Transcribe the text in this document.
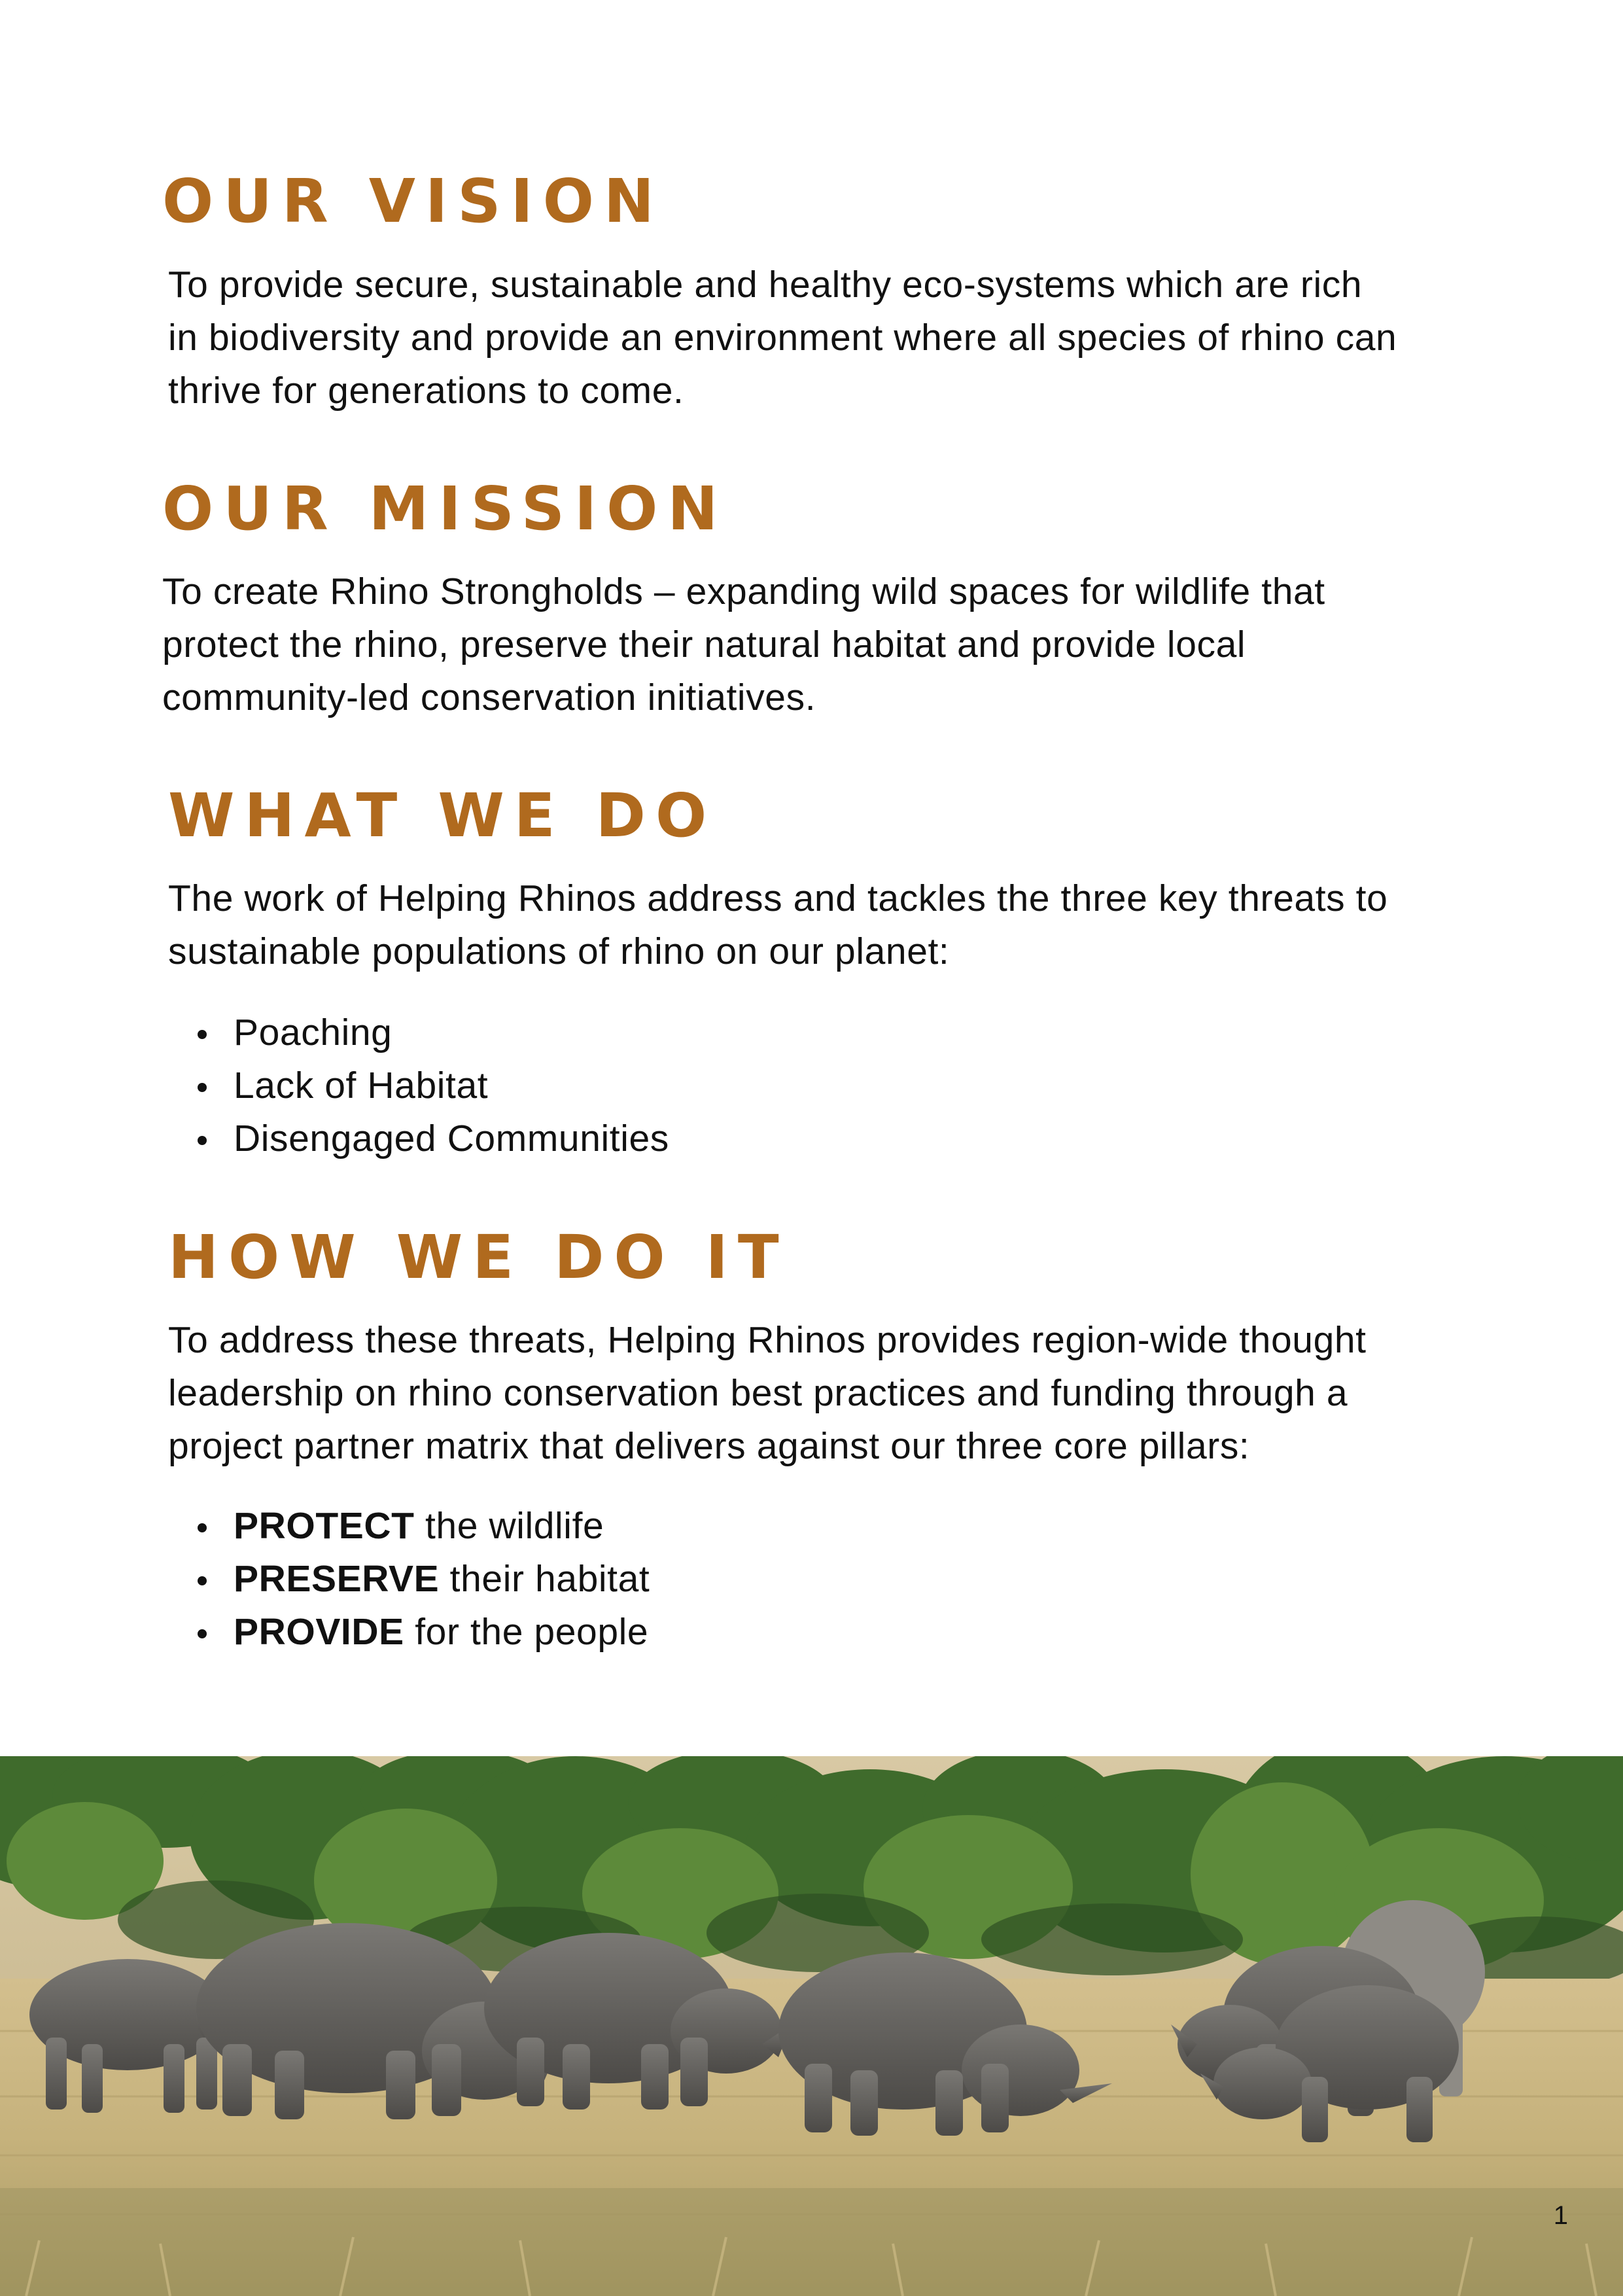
OUR VISION
To provide secure, sustainable and healthy eco-systems which are rich
in biodiversity and provide an environment where all species of rhino can
thrive for generations to come.
OUR MISSION
To create Rhino Strongholds – expanding wild spaces for wildlife that
protect the rhino, preserve their natural habitat and provide local
community-led conservation initiatives.
WHAT WE DO
The work of Helping Rhinos address and tackles the three key threats to
sustainable populations of rhino on our planet:
Poaching
Lack of Habitat
Disengaged Communities
HOW WE DO IT
To address these threats, Helping Rhinos provides region-wide thought
leadership on rhino conservation best practices and funding through a
project partner matrix that delivers against our three core pillars:
PROTECT the wildlife
PRESERVE their habitat
PROVIDE for the people
1
